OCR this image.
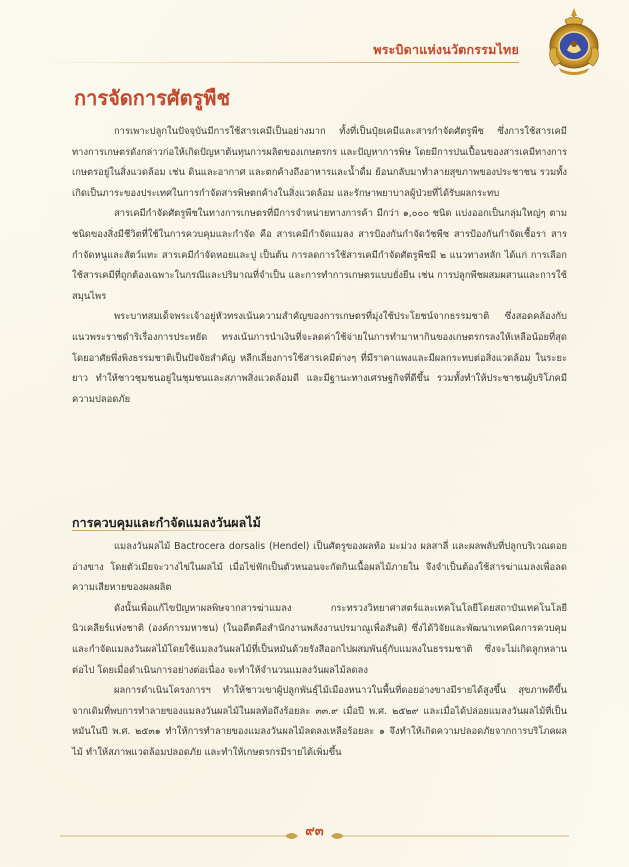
พระบิดาแห่งนวัตกรรมไทย
การจัดการศัตรูพืช

การเพาะปลูกในปัจจุบันมีการใช้สารเคมีเป็นอย่างมาก ทั้งที่เป็นปุ๋ยเคมีและสารกำจัดศัตรูพืช ซึ่งการใช้สารเคมีทางการเกษตรดังกล่าวก่อให้เกิดปัญหาต้นทุนการผลิตของเกษตรกร และปัญหาการพิษ โดยมีการปนเปื้อนของสารเคมีทางการเกษตรอยู่ในสิ่งแวดล้อม เช่น ดินและอากาศ และตกค้างถึงอาหารและน้ำดื่ม ย้อนกลับมาทำลายสุขภาพของประชาชน รวมทั้งเกิดเป็นภาระของประเทศในการกำจัดสารพิษตกค้างในสิ่งแวดล้อม และรักษาพยาบาลผู้ป่วยที่ได้รับผลกระทบ

สารเคมีกำจัดศัตรูพืชในทางการเกษตรที่มีการจำหน่ายทางการค้า มีกว่า ๑,๐๐๐ ชนิด แบ่งออกเป็นกลุ่มใหญ่ๆ ตามชนิดของสิ่งมีชีวิตที่ใช้ในการควบคุมและกำจัด คือ สารเคมีกำจัดแมลง สารป้องกันกำจัดวัชพืช สารป้องกันกำจัดเชื้อรา สารกำจัดหนูและสัตว์แทะ สารเคมีกำจัดหอยและปู เป็นต้น การลดการใช้สารเคมีกำจัดศัตรูพืชมี ๒ แนวทางหลัก ได้แก่ การเลือกใช้สารเคมีที่ถูกต้องเฉพาะในกรณีและปริมาณที่จำเป็น และการทำการเกษตรแบบยั่งยืน เช่น การปลูกพืชผสมผสานและการใช้สมุนไพร

พระบาทสมเด็จพระเจ้าอยู่หัวทรงเน้นความสำคัญของการเกษตรที่มุ่งใช้ประโยชน์จากธรรมชาติ ซึ่งสอดคล้องกับแนวพระราชดำริเรื่องการประหยัด ทรงเน้นการนำเงินที่จะลดค่าใช้จ่ายในการทำมาหากินของเกษตรกรลงให้เหลือน้อยที่สุด โดยอาศัยพึ่งพิงธรรมชาติเป็นปัจจัยสำคัญ หลีกเลี่ยงการใช้สารเคมีต่างๆ ที่มีราคาแพงและมีผลกระทบต่อสิ่งแวดล้อม ในระยะยาว ทำให้ชาวชุมชนอยู่ในชุมชนและสภาพสิ่งแวดล้อมดี และมีฐานะทางเศรษฐกิจที่ดีขึ้น รวมทั้งทำให้ประชาชนผู้บริโภคมีความปลอดภัย

การควบคุมและกำจัดแมลงวันผลไม้

แมลงวันผลไม้ Bactrocera dorsalis (Hendel) เป็นศัตรูของผลท้อ มะม่วง ผลสาลี่ และผลพลับที่ปลูกบริเวณดอยอ่างขาง โดยตัวเมียจะวางไข่ในผลไม้ เมื่อไข่ฟักเป็นตัวหนอนจะกัดกินเนื้อผลไม้ภายใน จึงจำเป็นต้องใช้สารฆ่าแมลงเพื่อลดความเสียหายของผลผลิต

ดังนั้นเพื่อแก้ไขปัญหาผลพิษจากสารฆ่าแมลง กระทรวงวิทยาศาสตร์และเทคโนโลยีโดยสถาบันเทคโนโลยีนิวเคลียร์แห่งชาติ (องค์การมหาชน) (ในอดีตคือสำนักงานพลังงานปรมาณูเพื่อสันติ) ซึ่งได้วิจัยและพัฒนาเทคนิคการควบคุมและกำจัดแมลงวันผลไม้โดยใช้แมลงวันผลไม้ที่เป็นหมันด้วยรังสีออกไปผสมพันธุ์กับแมลงในธรรมชาติ ซึ่งจะไม่เกิดลูกหลานต่อไป โดยเมื่อดำเนินการอย่างต่อเนื่อง จะทำให้จำนวนแมลงวันผลไม้ลดลง

ผลการดำเนินโครงการฯ ทำให้ชาวเขาผู้ปลูกพันธุ์ไม้เมืองหนาวในพื้นที่ดอยอ่างขางมีรายได้สูงขึ้น สุขภาพดีขึ้น จากเดิมที่พบการทำลายของแมลงวันผลไม้ในผลท้อถึงร้อยละ ๓๓.๙ เมื่อปี พ.ศ. ๒๕๒๙ และเมื่อได้ปล่อยแมลงวันผลไม้ที่เป็นหมันในปี พ.ศ. ๒๕๓๑ ทำให้การทำลายของแมลงวันผลไม้ลดลงเหลือร้อยละ ๑ จึงทำให้เกิดความปลอดภัยจากการบริโภคผลไม้ ทำให้สภาพแวดล้อมปลอดภัย และทำให้เกษตรกรมีรายได้เพิ่มขึ้น

๙๓
